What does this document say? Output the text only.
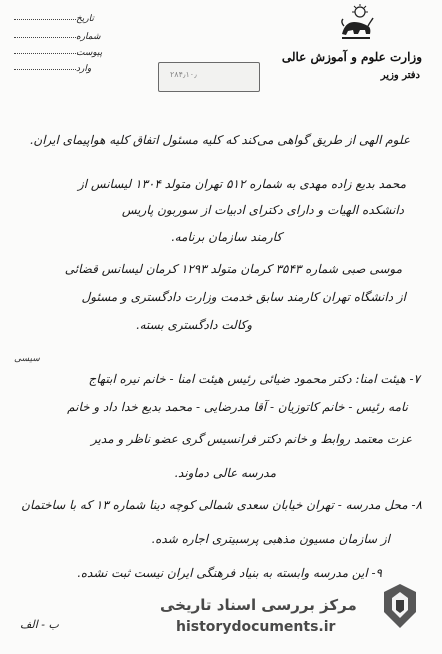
وزارت علوم و آموزش عالی
دفتر وزیر
تاریخ
شماره
پیوست
وارد
۲۸۴٫۱۰٫
علوم الهی از طریق گواهی می‌کند که کلیه مسئول اتفاق کلیه هواپیمای ایران.
محمد بدیع زاده مهدی به شماره ۵۱۲ تهران متولد ۱۳۰۴ لیسانس از
دانشکده الهیات و دارای دکترای ادبیات از سوربون پاریس
کارمند سازمان برنامه.
موسی صبی شماره ۳۵۴۳ کرمان متولد ۱۲۹۳ کرمان لیسانس قضائی
از دانشگاه تهران کارمند سابق خدمت وزارت دادگستری و مسئول
وکالت دادگستری بسته.
سیسی
۷- هیئت امنا: دکتر محمود ضیائی رئیس هیئت امنا - خانم نیره ابتهاج
نامه رئیس - خانم کاتوزیان - آقا مدرضایی - محمد بدیع خدا داد و خانم
عزت معتمد روابط و خانم دکتر فرانسیس گری عضو ناظر و مدیر
مدرسه عالی دماوند.
۸- محل مدرسه - تهران خیابان سعدی شمالی کوچه دینا شماره ۱۳ که با ساختمان
از سازمان مسیون مذهبی پرسبیتری اجاره شده.
۹- این مدرسه وابسته به بنیاد فرهنگی ایران نیست ثبت نشده.
مرکز بررسی اسناد تاریخی
historydocuments.ir
ب - الف
